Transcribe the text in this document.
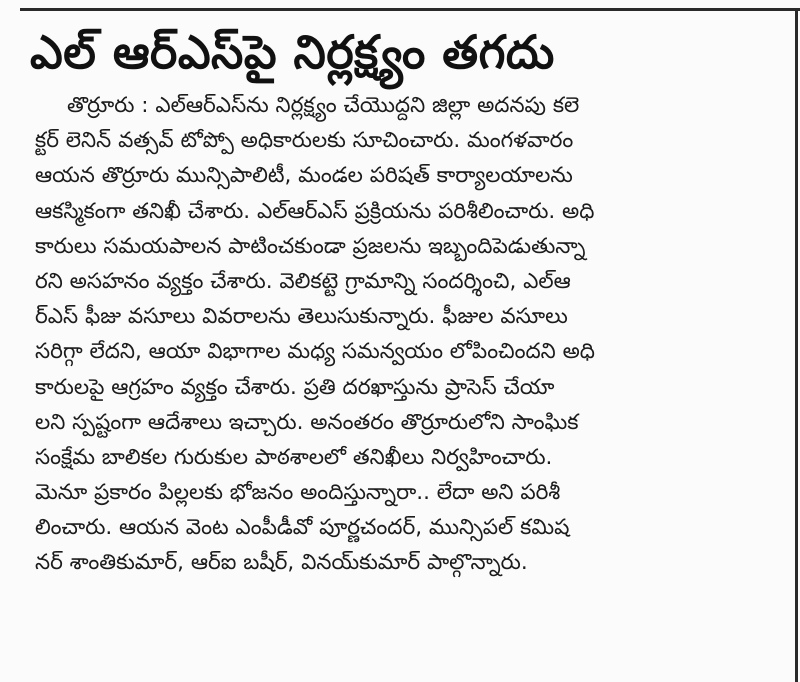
ఎల్ ఆర్ఎస్‌పై నిర్లక్ష్యం తగదు
తొర్రూరు : ఎల్ఆర్ఎస్‌ను నిర్లక్ష్యం చేయొద్దని జిల్లా అదనపు కలె
క్టర్ లెనిన్ వత్సవ్ టోప్పో అధికారులకు సూచించారు. మంగళవారం
ఆయన తొర్రూరు మున్సిపాలిటీ, మండల పరిషత్ కార్యాలయాలను
ఆకస్మికంగా తనిఖీ చేశారు. ఎల్ఆర్ఎస్ ప్రక్రియను పరిశీలించారు. అధి
కారులు సమయపాలన పాటించకుండా ప్రజలను ఇబ్బందిపెడుతున్నా
రని అసహనం వ్యక్తం చేశారు. వెలికట్టె గ్రామాన్ని సందర్శించి, ఎల్ఆ
ర్ఎస్ ఫీజు వసూలు వివరాలను తెలుసుకున్నారు. ఫీజుల వసూలు
సరిగ్గా లేదని, ఆయా విభాగాల మధ్య సమన్వయం లోపించిందని అధి
కారులపై ఆగ్రహం వ్యక్తం చేశారు. ప్రతి దరఖాస్తును ప్రాసెస్ చేయా
లని స్పష్టంగా ఆదేశాలు ఇచ్చారు. అనంతరం తొర్రూరులోని సాంఘిక
సంక్షేమ బాలికల గురుకుల పాఠశాలలో తనిఖీలు నిర్వహించారు.
మెనూ ప్రకారం పిల్లలకు భోజనం అందిస్తున్నారా.. లేదా అని పరిశీ
లించారు. ఆయన వెంట ఎంపీడీవో పూర్ణచందర్, మున్సిపల్ కమిష
నర్ శాంతికుమార్, ఆర్ఐ బషీర్, వినయ్‌కుమార్ పాల్గొన్నారు.
